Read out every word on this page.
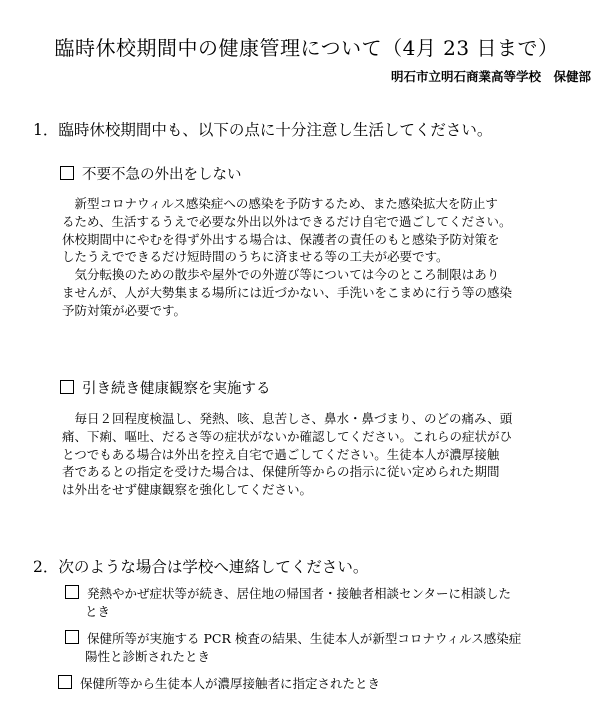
臨時休校期間中の健康管理について（4月 23 日まで）
明石市立明石商業高等学校　保健部
1．臨時休校期間中も、以下の点に十分注意し生活してください。
不要不急の外出をしない
　新型コロナウィルス感染症への感染を予防するため、また感染拡大を防止す
るため、生活するうえで必要な外出以外はできるだけ自宅で過ごしてください。
休校期間中にやむを得ず外出する場合は、保護者の責任のもと感染予防対策を
したうえでできるだけ短時間のうちに済ませる等の工夫が必要です。
　気分転換のための散歩や屋外での外遊び等については今のところ制限はあり
ませんが、人が大勢集まる場所には近づかない、手洗いをこまめに行う等の感染
予防対策が必要です。
引き続き健康観察を実施する
　毎日２回程度検温し、発熱、咳、息苦しさ、鼻水・鼻づまり、のどの痛み、頭
痛、下痢、嘔吐、だるさ等の症状がないか確認してください。これらの症状がひ
とつでもある場合は外出を控え自宅で過ごしてください。生徒本人が濃厚接触
者であるとの指定を受けた場合は、保健所等からの指示に従い定められた期間
は外出をせず健康観察を強化してください。
2．次のような場合は学校へ連絡してください。
発熱やかぜ症状等が続き、居住地の帰国者・接触者相談センターに相談した
とき
保健所等が実施する PCR 検査の結果、生徒本人が新型コロナウィルス感染症
陽性と診断されたとき
保健所等から生徒本人が濃厚接触者に指定されたとき
